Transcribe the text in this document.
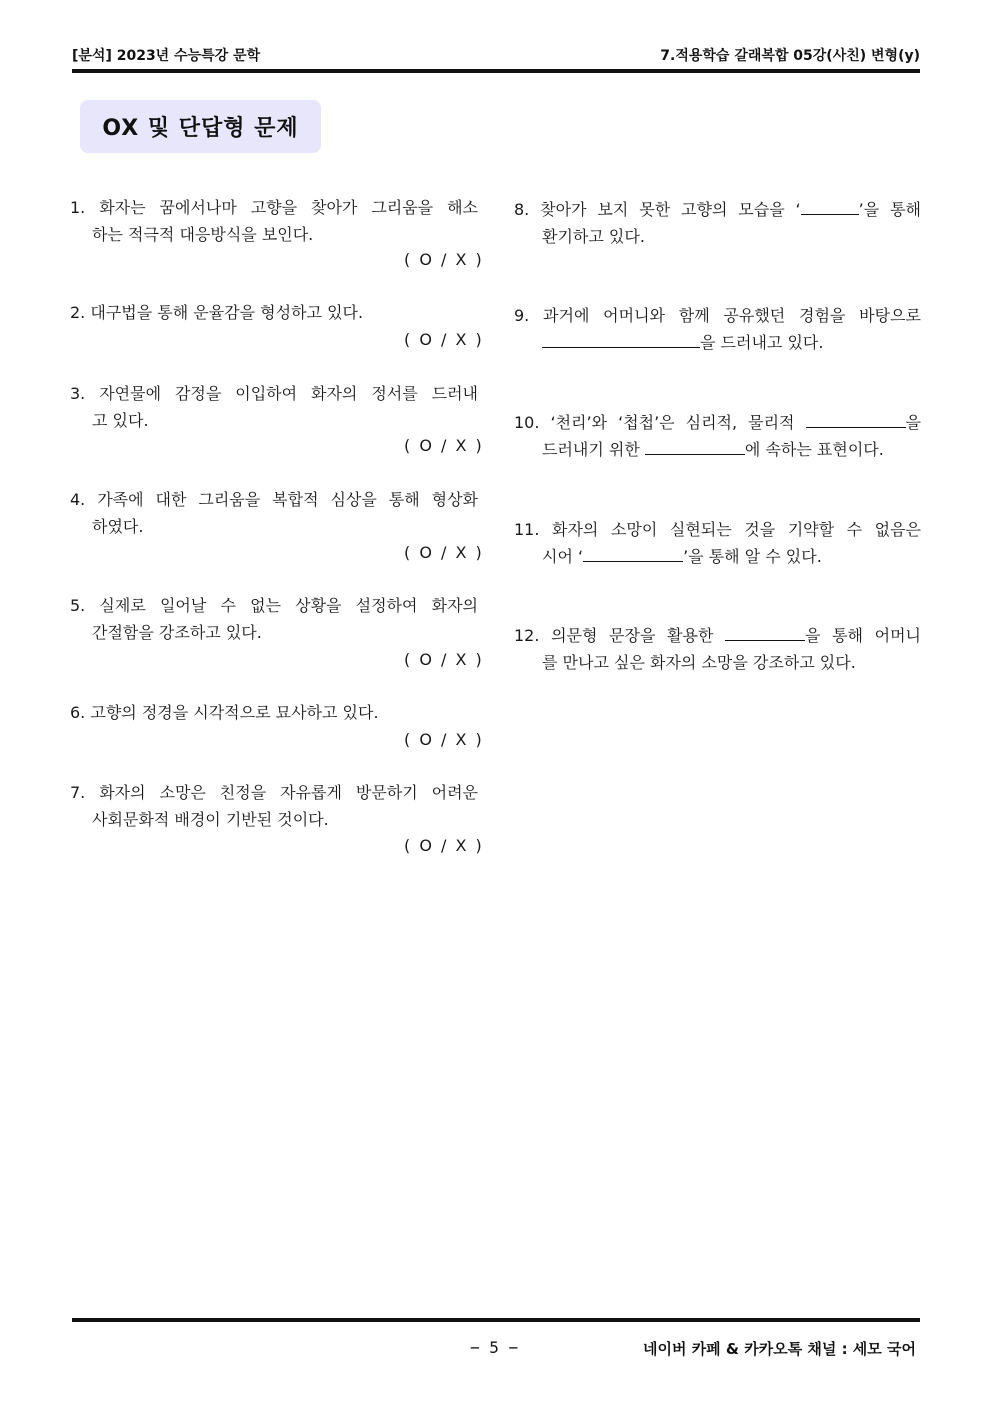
[분석] 2023년 수능특강 문학	7.적용학습 갈래복합 05강(사친) 변형(y)
OX 및 단답형 문제
1. 화자는 꿈에서나마 고향을 찾아가 그리움을 해소
하는 적극적 대응방식을 보인다.
( O / X )
2. 대구법을 통해 운율감을 형성하고 있다.
( O / X )
3. 자연물에 감정을 이입하여 화자의 정서를 드러내
고 있다.
( O / X )
4. 가족에 대한 그리움을 복합적 심상을 통해 형상화
하였다.
( O / X )
5. 실제로 일어날 수 없는 상황을 설정하여 화자의
간절함을 강조하고 있다.
( O / X )
6. 고향의 정경을 시각적으로 묘사하고 있다.
( O / X )
7. 화자의 소망은 친정을 자유롭게 방문하기 어려운
사회문화적 배경이 기반된 것이다.
( O / X )
8. 찾아가 보지 못한 고향의 모습을 ‘	’을 통해
환기하고 있다.
9. 과거에 어머니와 함께 공유했던 경험을 바탕으로
을 드러내고 있다.
10. ‘천리’와 ‘첩첩’은 심리적, 물리적	을
드러내기 위한	에 속하는 표현이다.
11. 화자의 소망이 실현되는 것을 기약할 수 없음은
시어 ‘	’을 통해 알 수 있다.
12. 의문형 문장을 활용한	을 통해 어머니
를 만나고 싶은 화자의 소망을 강조하고 있다.
− 5 −	네이버 카페 & 카카오톡 채널 : 세모 국어
